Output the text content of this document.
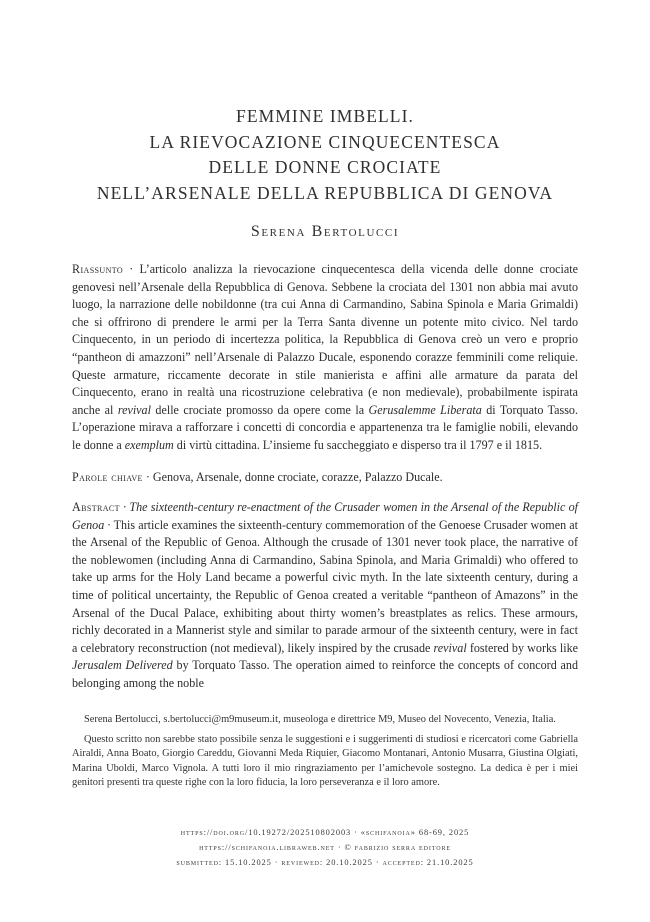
FEMMINE IMBELLI.
LA RIEVOCAZIONE CINQUECENTESCA
DELLE DONNE CROCIATE
NELL’ARSENALE DELLA REPUBBLICA DI GENOVA
Serena Bertolucci
Riassunto · L’articolo analizza la rievocazione cinquecentesca della vicenda delle donne crociate genovesi nell’Arsenale della Repubblica di Genova. Sebbene la crociata del 1301 non abbia mai avuto luogo, la narrazione delle nobildonne (tra cui Anna di Carmandino, Sabina Spinola e Maria Grimaldi) che si offrirono di prendere le armi per la Terra Santa divenne un potente mito civico. Nel tardo Cinquecento, in un periodo di incertezza politica, la Repubblica di Genova creò un vero e proprio “pantheon di amazzoni” nell’Arsenale di Palazzo Ducale, esponendo corazze femminili come reliquie. Queste armature, riccamente decorate in stile manierista e affini alle armature da parata del Cinquecento, erano in realtà una ricostruzione celebrativa (e non medievale), probabilmente ispirata anche al revival delle crociate promosso da opere come la Gerusalemme Liberata di Torquato Tasso. L’operazione mirava a rafforzare i concetti di concordia e appartenenza tra le famiglie nobili, elevando le donne a exemplum di virtù cittadina. L’insieme fu saccheggiato e disperso tra il 1797 e il 1815.
Parole chiave · Genova, Arsenale, donne crociate, corazze, Palazzo Ducale.
Abstract · The sixteenth-century re-enactment of the Crusader women in the Arsenal of the Republic of Genoa · This article examines the sixteenth-century commemoration of the Genoese Crusader women at the Arsenal of the Republic of Genoa. Although the crusade of 1301 never took place, the narrative of the noblewomen (including Anna di Carmandino, Sabina Spinola, and Maria Grimaldi) who offered to take up arms for the Holy Land became a powerful civic myth. In the late sixteenth century, during a time of political uncertainty, the Republic of Genoa created a veritable “pantheon of Amazons” in the Arsenal of the Ducal Palace, exhibiting about thirty women’s breastplates as relics. These armours, richly decorated in a Mannerist style and similar to parade armour of the sixteenth century, were in fact a celebratory reconstruction (not medieval), likely inspired by the crusade revival fostered by works like Jerusalem Delivered by Torquato Tasso. The operation aimed to reinforce the concepts of concord and belonging among the noble
Serena Bertolucci, s.bertolucci@m9museum.it, museologa e direttrice M9, Museo del Novecento, Venezia, Italia.
Questo scritto non sarebbe stato possibile senza le suggestioni e i suggerimenti di studiosi e ricercatori come Gabriella Airaldi, Anna Boato, Giorgio Careddu, Giovanni Meda Riquier, Giacomo Montanari, Antonio Musarra, Giustina Olgiati, Marina Uboldi, Marco Vignola. A tutti loro il mio ringraziamento per l’amichevole sostegno. La dedica è per i miei genitori presenti tra queste righe con la loro fiducia, la loro perseveranza e il loro amore.
https://doi.org/10.19272/202510802003 · «schifanoia» 68-69, 2025
https://schifanoia.libraweb.net · © fabrizio serra editore
submitted: 15.10.2025 · reviewed: 20.10.2025 · accepted: 21.10.2025
